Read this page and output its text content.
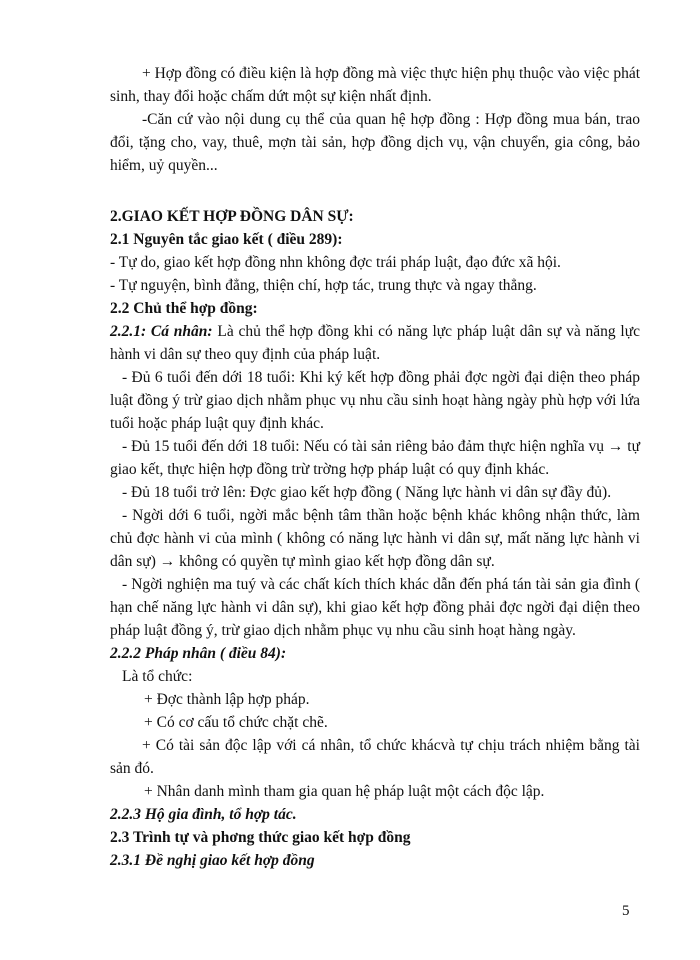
+ Hợp đồng có điều kiện là hợp đồng mà việc thực hiện phụ thuộc vào việc phát sinh, thay đổi hoặc chấm dứt một sự kiện nhất định.

-Căn cứ vào nội dung cụ thể của quan hệ hợp đồng : Hợp đồng mua bán, trao đổi, tặng cho, vay, thuê, mợn tài sản, hợp đồng dịch vụ, vận chuyển, gia công, bảo hiểm, uỷ quyền...

2.GIAO KẾT HỢP ĐỒNG DÂN SỰ:

2.1 Nguyên tắc giao kết ( điều 289):

- Tự do, giao kết hợp đồng nhn không đợc trái pháp luật, đạo đức xã hội.

- Tự nguyện, bình đẳng, thiện chí, hợp tác, trung thực và ngay thẳng.

2.2 Chủ thể hợp đồng:

2.2.1: Cá nhân: Là chủ thể hợp đồng khi có năng lực pháp luật dân sự và năng lực hành vi dân sự theo quy định của pháp luật.

- Đủ 6 tuổi đến dới 18 tuổi: Khi ký kết hợp đồng phải đợc ngời đại diện theo pháp luật đồng ý trừ giao dịch nhằm phục vụ nhu cầu sinh hoạt hàng ngày phù hợp với lứa tuổi hoặc pháp luật quy định khác.

- Đủ 15 tuổi đến dới 18 tuổi: Nếu có tài sản riêng bảo đảm thực hiện nghĩa vụ → tự giao kết, thực hiện hợp đồng trừ trờng hợp pháp luật có quy định khác.

- Đủ 18 tuổi trở lên: Đợc giao kết hợp đồng ( Năng lực hành vi dân sự đầy đủ).

- Ngời dới 6 tuổi, ngời mắc bệnh tâm thần hoặc bệnh khác không nhận thức, làm chủ đợc hành vi của mình ( không có năng lực hành vi dân sự, mất năng lực hành vi dân sự) → không có quyền tự mình giao kết hợp đồng dân sự.

- Ngời nghiện ma tuý và các chất kích thích khác dẫn đến phá tán tài sản gia đình ( hạn chế năng lực hành vi dân sự), khi giao kết hợp đồng phải đợc ngời đại diện theo pháp luật đồng ý, trừ giao dịch nhằm phục vụ nhu cầu sinh hoạt hàng ngày.

2.2.2 Pháp nhân ( điều 84):

Là tổ chức:

+ Đợc thành lập hợp pháp.

+ Có cơ cấu tổ chức chặt chẽ.

+ Có tài sản độc lập với cá nhân, tổ chức khácvà tự chịu trách nhiệm bằng tài sản đó.

+ Nhân danh mình tham gia quan hệ pháp luật một cách độc lập.

2.2.3 Hộ gia đình, tổ hợp tác.

2.3 Trình tự và phơng thức giao kết hợp đồng

2.3.1 Đề nghị giao kết hợp đồng

5
